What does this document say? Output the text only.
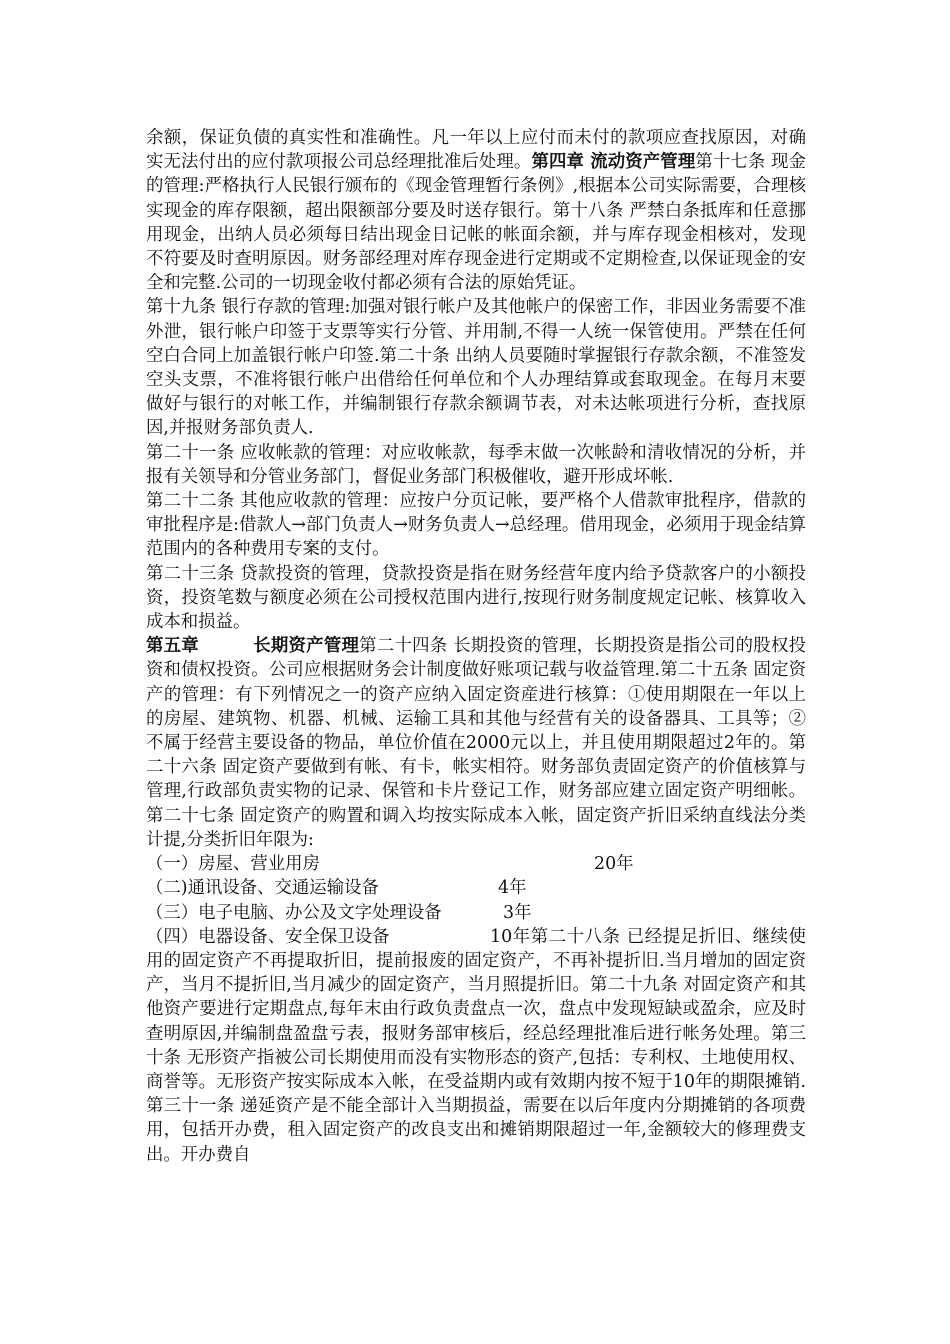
余额，保证负债的真实性和准确性。凡一年以上应付而未付的款项应查找原因，对确实无法付出的应付款项报公司总经理批准后处理。第四章 流动资产管理第十七条 现金的管理:严格执行人民银行颁布的《现金管理暂行条例》,根据本公司实际需要，合理核实现金的库存限额，超出限额部分要及时送存银行。第十八条 严禁白条抵库和任意挪用现金，出纳人员必须每日结出现金日记帐的帐面余额，并与库存现金相核对，发现不符要及时查明原因。财务部经理对库存现金进行定期或不定期检查,以保证现金的安全和完整.公司的一切现金收付都必须有合法的原始凭证。

第十九条 银行存款的管理:加强对银行帐户及其他帐户的保密工作，非因业务需要不准外泄，银行帐户印签于支票等实行分管、并用制,不得一人统一保管使用。严禁在任何空白合同上加盖银行帐户印签.第二十条 出纳人员要随时掌握银行存款余额，不准签发空头支票，不准将银行帐户出借给任何单位和个人办理结算或套取现金。在每月末要做好与银行的对帐工作，并编制银行存款余额调节表，对未达帐项进行分析，查找原因,并报财务部负责人.

第二十一条 应收帐款的管理：对应收帐款，每季末做一次帐龄和清收情况的分析，并报有关领导和分管业务部门，督促业务部门积极催收，避开形成坏帐.

第二十二条 其他应收款的管理：应按户分页记帐，要严格个人借款审批程序，借款的审批程序是:借款人→部门负责人→财务负责人→总经理。借用现金，必须用于现金结算范围内的各种费用专案的支付。

第二十三条 贷款投资的管理，贷款投资是指在财务经营年度内给予贷款客户的小额投资，投资笔数与额度必须在公司授权范围内进行,按现行财务制度规定记帐、核算收入成本和损益。

第五章	长期资产管理第二十四条 长期投资的管理，长期投资是指公司的股权投资和债权投资。公司应根据财务会计制度做好账项记载与收益管理.第二十五条 固定资产的管理：有下列情况之一的资产应纳入固定资産进行核算：①使用期限在一年以上的房屋、建筑物、机器、机械、运输工具和其他与经营有关的设备器具、工具等；②不属于经营主要设备的物品，单位价值在2000元以上，并且使用期限超过2年的。第二十六条 固定资产要做到有帐、有卡，帐实相符。财务部负责固定资产的价值核算与管理,行政部负责实物的记录、保管和卡片登记工作，财务部应建立固定资产明细帐。第二十七条 固定资产的购置和调入均按实际成本入帐，固定资产折旧采纳直线法分类计提,分类折旧年限为:

（一）房屋、营业用房	20年
（二)通讯设备、交通运输设备	4年
（三）电子电脑、办公及文字处理设备	3年

（四）电器设备、安全保卫设备	10年第二十八条 已经提足折旧、继续使用的固定资产不再提取折旧，提前报废的固定资产，不再补提折旧.当月增加的固定资产，当月不提折旧,当月减少的固定资产，当月照提折旧。第二十九条 对固定资产和其他资产要进行定期盘点,每年末由行政负责盘点一次，盘点中发现短缺或盈余，应及时查明原因,并编制盘盈盘亏表，报财务部审核后，经总经理批准后进行帐务处理。第三十条 无形资产指被公司长期使用而没有实物形态的资产,包括：专利权、土地使用权、商誉等。无形资产按实际成本入帐，在受益期内或有效期内按不短于10年的期限摊销.第三十一条 递延资产是不能全部计入当期损益，需要在以后年度内分期摊销的各项费用，包括开办费，租入固定资产的改良支出和摊销期限超过一年,金额较大的修理费支出。开办费自
